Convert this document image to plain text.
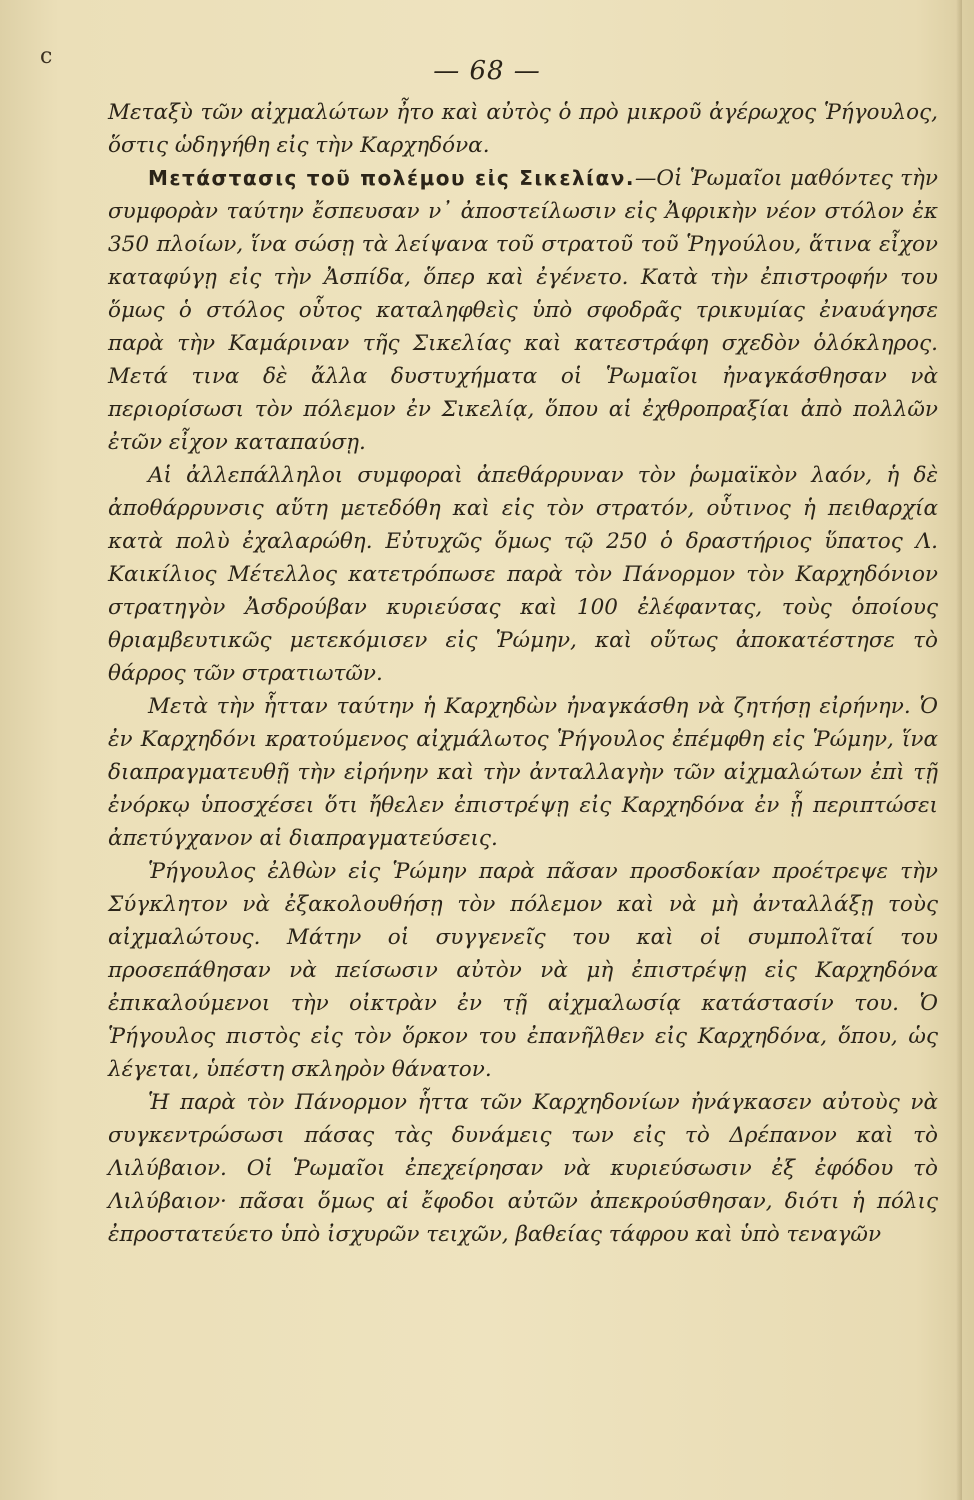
c	— 68 —

Μεταξὺ τῶν αἰχμαλώτων ἦτο καὶ αὐτὸς ὁ πρὸ μικροῦ ἀγέρωχος Ῥήγουλος, ὅστις ὡδηγήθη εἰς τὴν Καρχηδόνα.

Μετάστασις τοῦ πολέμου εἰς Σικελίαν.—Οἱ Ῥωμαῖοι μαθόντες τὴν συμφορὰν ταύτην ἔσπευσαν ν᾽ ἀποστείλωσιν εἰς Ἀφρικὴν νέον στόλον ἐκ 350 πλοίων, ἵνα σώσῃ τὰ λείψανα τοῦ στρατοῦ τοῦ Ῥηγούλου, ἅτινα εἶχον καταφύγῃ εἰς τὴν Ἀσπίδα, ὅπερ καὶ ἐγένετο. Κατὰ τὴν ἐπιστροφήν του ὅμως ὁ στόλος οὗτος καταληφθεὶς ὑπὸ σφοδρᾶς τρικυμίας ἐναυάγησε παρὰ τὴν Καμάριναν τῆς Σικελίας καὶ κατεστράφη σχεδὸν ὁλόκληρος. Μετά τινα δὲ ἄλλα δυστυχήματα οἱ Ῥωμαῖοι ἠναγκάσθησαν νὰ περιορίσωσι τὸν πόλεμον ἐν Σικελίᾳ, ὅπου αἱ ἐχθροπραξίαι ἀπὸ πολλῶν ἐτῶν εἶχον καταπαύσῃ.

Αἱ ἀλλεπάλληλοι συμφοραὶ ἀπεθάρρυναν τὸν ῥωμαϊκὸν λαόν, ἡ δὲ ἀποθάρρυνσις αὕτη μετεδόθη καὶ εἰς τὸν στρατόν, οὗτινος ἡ πειθαρχία κατὰ πολὺ ἐχαλαρώθη. Εὐτυχῶς ὅμως τῷ 250 ὁ δραστήριος ὕπατος Λ. Καικίλιος Μέτελλος κατετρόπωσε παρὰ τὸν Πάνορμον τὸν Καρχηδόνιον στρατηγὸν Ἀσδρούβαν κυριεύσας καὶ 100 ἐλέφαντας, τοὺς ὁποίους θριαμβευτικῶς μετεκόμισεν εἰς Ῥώμην, καὶ οὕτως ἀποκατέστησε τὸ θάρρος τῶν στρατιωτῶν.

Μετὰ τὴν ἧτταν ταύτην ἡ Καρχηδὼν ἠναγκάσθη νὰ ζητήσῃ εἰρήνην. Ὁ ἐν Καρχηδόνι κρατούμενος αἰχμάλωτος Ῥήγουλος ἐπέμφθη εἰς Ῥώμην, ἵνα διαπραγματευθῇ τὴν εἰρήνην καὶ τὴν ἀνταλλαγὴν τῶν αἰχμαλώτων ἐπὶ τῇ ἐνόρκῳ ὑποσχέσει ὅτι ἤθελεν ἐπιστρέψῃ εἰς Καρχηδόνα ἐν ᾗ περιπτώσει ἀπετύγχανον αἱ διαπραγματεύσεις.

Ῥήγουλος ἐλθὼν εἰς Ῥώμην παρὰ πᾶσαν προσδοκίαν προέτρεψε τὴν Σύγκλητον νὰ ἐξακολουθήσῃ τὸν πόλεμον καὶ νὰ μὴ ἀνταλλάξῃ τοὺς αἰχμαλώτους. Μάτην οἱ συγγενεῖς του καὶ οἱ συμπολῖταί του προσεπάθησαν νὰ πείσωσιν αὐτὸν νὰ μὴ ἐπιστρέψῃ εἰς Καρχηδόνα ἐπικαλούμενοι τὴν οἰκτρὰν ἐν τῇ αἰχμαλωσίᾳ κατάστασίν του. Ὁ Ῥήγουλος πιστὸς εἰς τὸν ὅρκον του ἐπανῆλθεν εἰς Καρχηδόνα, ὅπου, ὡς λέγεται, ὑπέστη σκληρὸν θάνατον.

Ἡ παρὰ τὸν Πάνορμον ἧττα τῶν Καρχηδονίων ἠνάγκασεν αὐτοὺς νὰ συγκεντρώσωσι πάσας τὰς δυνάμεις των εἰς τὸ Δρέπανον καὶ τὸ Λιλύβαιον. Οἱ Ῥωμαῖοι ἐπεχείρησαν νὰ κυριεύσωσιν ἐξ ἐφόδου τὸ Λιλύβαιον· πᾶσαι ὅμως αἱ ἔφοδοι αὐτῶν ἀπεκρούσθησαν, διότι ἡ πόλις ἐπροστατεύετο ὑπὸ ἰσχυρῶν τειχῶν, βαθείας τάφρου καὶ ὑπὸ τεναγῶν
